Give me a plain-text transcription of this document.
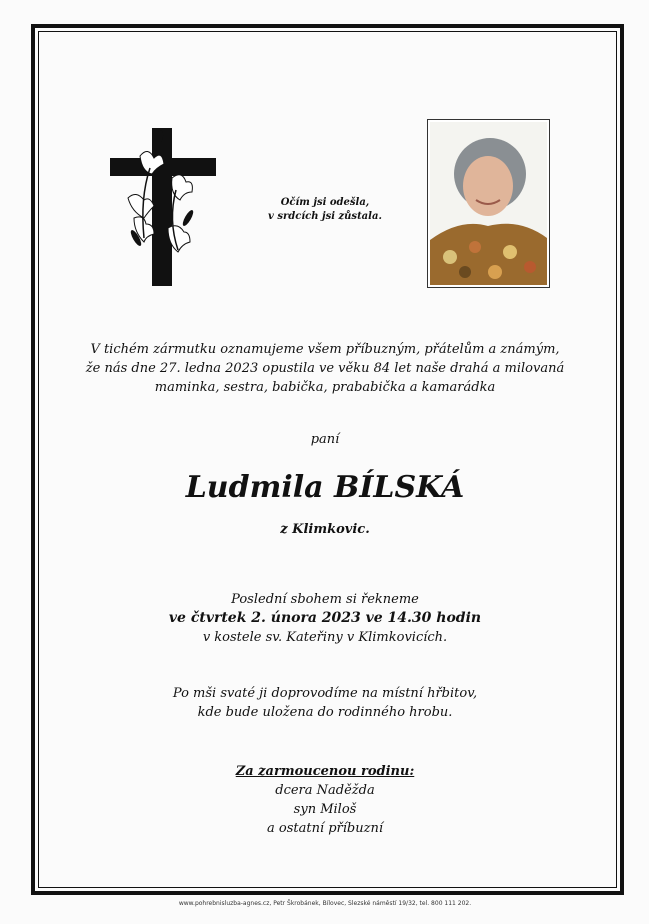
Očím jsi odešla,
v srdcích jsi zůstala.
V tichém zármutku oznamujeme všem příbuzným, přátelům a známým,
že nás dne 27. ledna 2023 opustila ve věku 84 let naše drahá a milovaná
maminka, sestra, babička, prababička a kamarádka
paní
Ludmila BÍLSKÁ
z Klimkovic.
Poslední sbohem si řekneme
ve čtvrtek 2. února 2023 ve 14.30 hodin
v kostele sv. Kateřiny v Klimkovicích.
Po mši svaté ji doprovodíme na místní hřbitov,
kde bude uložena do rodinného hrobu.
Za zarmoucenou rodinu:
dcera Naděžda
syn Miloš
a ostatní příbuzní
www.pohrebnisluzba-agnes.cz, Petr Škrobánek, Bílovec, Slezské náměstí 19/32, tel. 800 111 202.
